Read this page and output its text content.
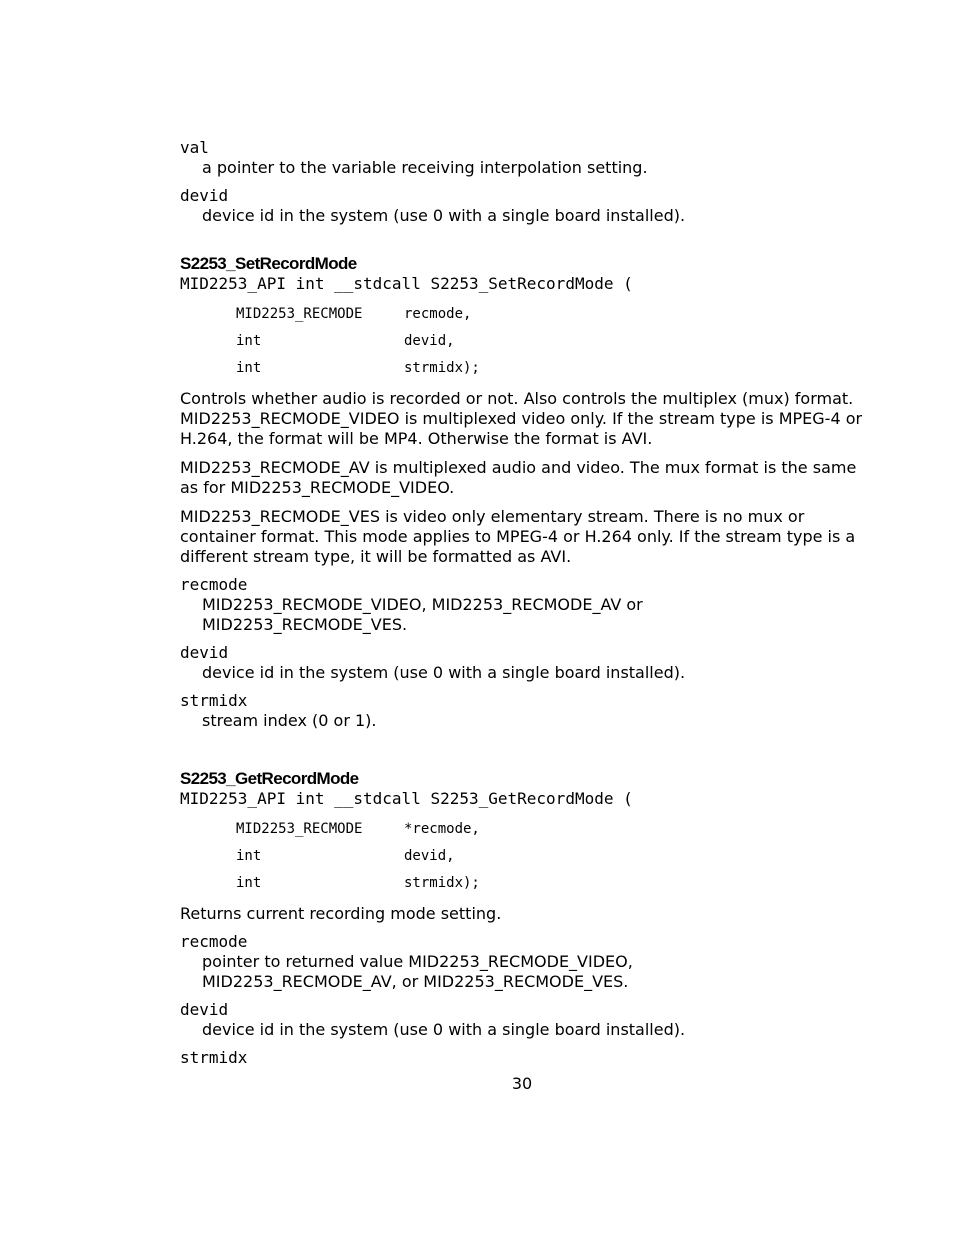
val
a pointer to the variable receiving interpolation setting.
devid
device id in the system (use 0 with a single board installed).
S2253_SetRecordMode
MID2253_API int __stdcall S2253_SetRecordMode (
MID2253_RECMODE	recmode,
int	devid,
int	strmidx);
Controls whether audio is recorded or not. Also controls the multiplex (mux) format. MID2253_RECMODE_VIDEO is multiplexed video only. If the stream type is MPEG-4 or H.264, the format will be MP4. Otherwise the format is AVI.
MID2253_RECMODE_AV is multiplexed audio and video. The mux format is the same as for MID2253_RECMODE_VIDEO.
MID2253_RECMODE_VES is video only elementary stream. There is no mux or container format. This mode applies to MPEG-4 or H.264 only. If the stream type is a different stream type, it will be formatted as AVI.
recmode
MID2253_RECMODE_VIDEO, MID2253_RECMODE_AV or MID2253_RECMODE_VES.
devid
device id in the system (use 0 with a single board installed).
strmidx
stream index (0 or 1).
S2253_GetRecordMode
MID2253_API int __stdcall S2253_GetRecordMode (
MID2253_RECMODE	*recmode,
int	devid,
int	strmidx);
Returns current recording mode setting.
recmode
pointer to returned value MID2253_RECMODE_VIDEO, MID2253_RECMODE_AV, or MID2253_RECMODE_VES.
devid
device id in the system (use 0 with a single board installed).
strmidx
30
